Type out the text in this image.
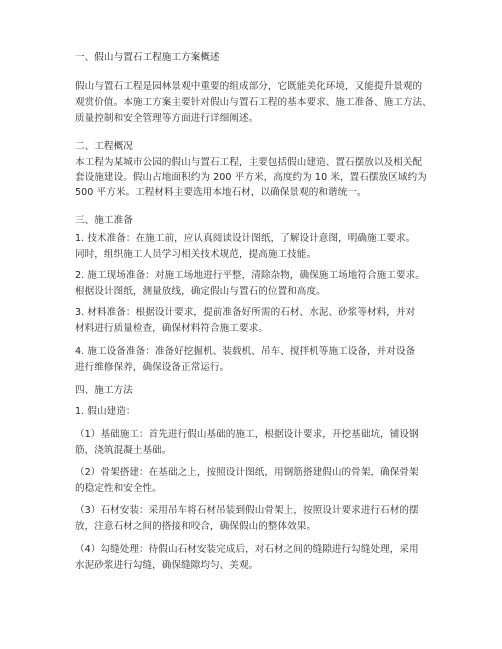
一、假山与置石工程施工方案概述

假山与置石工程是园林景观中重要的组成部分，它既能美化环境，又能提升景观的

观赏价值。本施工方案主要针对假山与置石工程的基本要求、施工准备、施工方法、

质量控制和安全管理等方面进行详细阐述。

二、工程概况

本工程为某城市公园的假山与置石工程，主要包括假山建造、置石摆放以及相关配

套设施建设。假山占地面积约为 200 平方米，高度约为 10 米，置石摆放区域约为

500 平方米。工程材料主要选用本地石材，以确保景观的和谐统一。

三、施工准备

1. 技术准备：在施工前，应认真阅读设计图纸，了解设计意图，明确施工要求。

同时，组织施工人员学习相关技术规范，提高施工技能。

2. 施工现场准备：对施工场地进行平整，清除杂物，确保施工场地符合施工要求。

根据设计图纸，测量放线，确定假山与置石的位置和高度。

3. 材料准备：根据设计要求，提前准备好所需的石材、水泥、砂浆等材料，并对

材料进行质量检查，确保材料符合施工要求。

4. 施工设备准备：准备好挖掘机、装载机、吊车、搅拌机等施工设备，并对设备

进行维修保养，确保设备正常运行。

四、施工方法

1. 假山建造：

（1）基础施工：首先进行假山基础的施工，根据设计要求，开挖基础坑，铺设钢

筋，浇筑混凝土基础。

（2）骨架搭建：在基础之上，按照设计图纸，用钢筋搭建假山的骨架，确保骨架

的稳定性和安全性。

（3）石材安装：采用吊车将石材吊装到假山骨架上，按照设计要求进行石材的摆

放，注意石材之间的搭接和咬合，确保假山的整体效果。

（4）勾缝处理：待假山石材安装完成后，对石材之间的缝隙进行勾缝处理，采用

水泥砂浆进行勾缝，确保缝隙均匀、美观。
